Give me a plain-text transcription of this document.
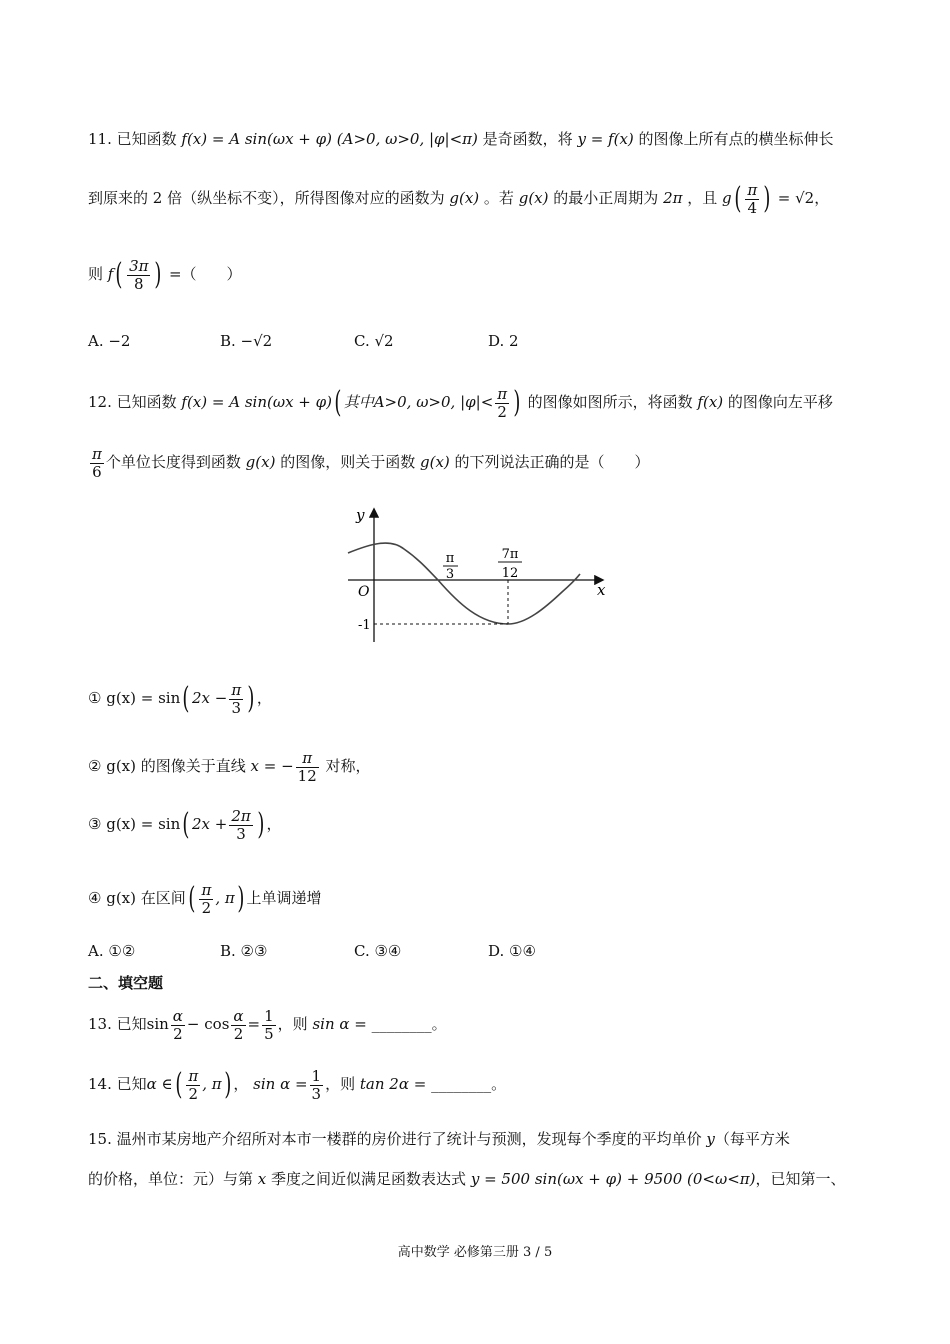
11. 已知函数 f(x) = A sin(ωx + φ) (A>0, ω>0, |φ|<π) 是奇函数，将 y = f(x) 的图像上所有点的横坐标伸长
到原来的 2 倍（纵坐标不变），所得图像对应的函数为 g(x) 。若 g(x) 的最小正周期为 2π ，且 $g( \frac{\pi}{4}$ ) = √2，
则 $f( \frac{3\pi}{8}$ ) =（　　）
A. −2	B. −√2	C. √2	D. 2
12. 已知函数 f(x) = A sin(ωx + φ)( 其中A>0, ω>0, $|\varphi|< \frac{\pi}{2}$ ) 的图像如图所示，将函数 f(x) 的图像向左平移
$\frac{\pi}{6}$ 个单位长度得到函数 g(x) 的图像，则关于函数 g(x) 的下列说法正确的是（　　）
y
x
O
π
3
7π
12
-1
① g(x) = sin( $2x - \frac{\pi}{3}$ ) ，
② g(x) 的图像关于直线 x = − $\frac{\pi}{12}$ 对称，
③ g(x) = sin( $2x + \frac{2\pi}{3}$ ) ，
④ g(x) 在区间( $\frac{\pi}{2}$ , π) 上单调递增
A. ①②	B. ②③	C. ③④	D. ①④
二、填空题
13. 已知$\sin \frac{\alpha}{2} - \cos \frac{\alpha}{2} = \frac{1}{5}$ ，则 sin α = ________。
14. 已知α ∈( $\frac{\pi}{2}$ , π) ， $\sin \alpha = \frac{1}{3}$ ，则 tan 2α = ________。
15. 温州市某房地产介绍所对本市一楼群的房价进行了统计与预测，发现每个季度的平均单价 y（每平方米
的价格，单位：元）与第 x 季度之间近似满足函数表达式 y = 500 sin(ωx + φ) + 9500 (0<ω<π)，已知第一、
高中数学 必修第三册 3 / 5
